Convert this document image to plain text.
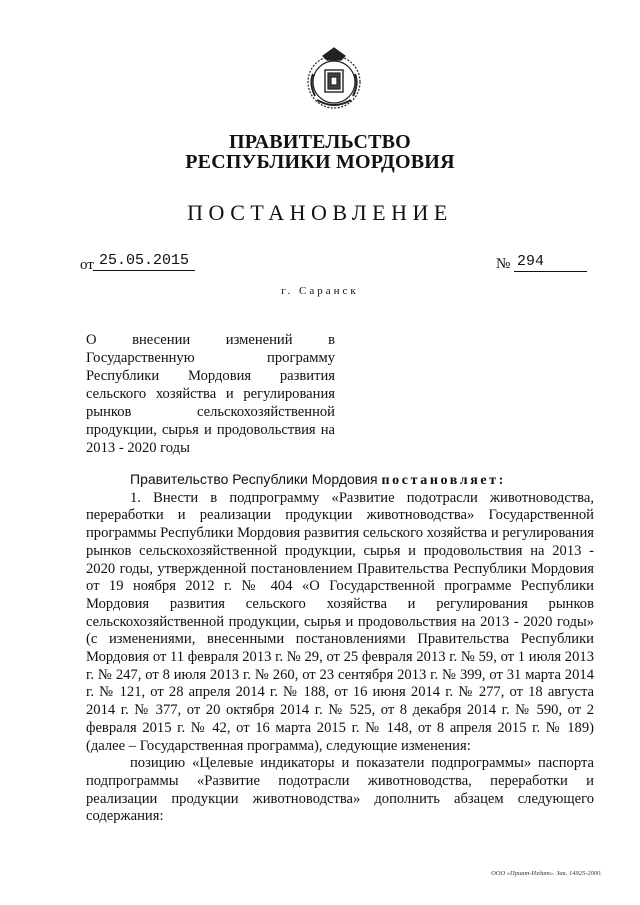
ПРАВИТЕЛЬСТВО
РЕСПУБЛИКИ МОРДОВИЯ
ПОСТАНОВЛЕНИЕ
от 25.05.2015	№ 294
г. Саранск
О внесении изменений в Государственную программу Республики Мордовия развития сельского хозяйства и регулирования рынков сельскохозяйственной продукции, сырья и продовольствия на 2013 - 2020 годы

Правительство Республики Мордовия постановляет:

1. Внести в подпрограмму «Развитие подотрасли животноводства, переработки и реализации продукции животноводства» Государственной программы Республики Мордовия развития сельского хозяйства и регулирования рынков сельскохозяйственной продукции, сырья и продовольствия на 2013 - 2020 годы, утвержденной постановлением Правительства Республики Мордовия от 19 ноября 2012 г. № 404 «О Государственной программе Республики Мордовия развития сельского хозяйства и регулирования рынков сельскохозяйственной продукции, сырья и продовольствия на 2013 - 2020 годы» (с изменениями, внесенными постановлениями Правительства Республики Мордовия от 11 февраля 2013 г. № 29, от 25 февраля 2013 г. № 59, от 1 июля 2013 г. № 247, от 8 июля 2013 г. № 260, от 23 сентября 2013 г. № 399, от 31 марта 2014 г. № 121, от 28 апреля 2014 г. № 188, от 16 июня 2014 г. № 277, от 18 августа 2014 г. № 377, от 20 октября 2014 г. № 525, от 8 декабря 2014 г. № 590, от 2 февраля 2015 г. № 42, от 16 марта 2015 г. № 148, от 8 апреля 2015 г. № 189) (далее – Государственная программа), следующие изменения:

позицию «Целевые индикаторы и показатели подпрограммы» паспорта подпрограммы «Развитие подотрасли животноводства, переработки и реализации продукции животноводства» дополнить абзацем следующего содержания:

ООО «Принт-Издат». Зак. 14925-2000.
